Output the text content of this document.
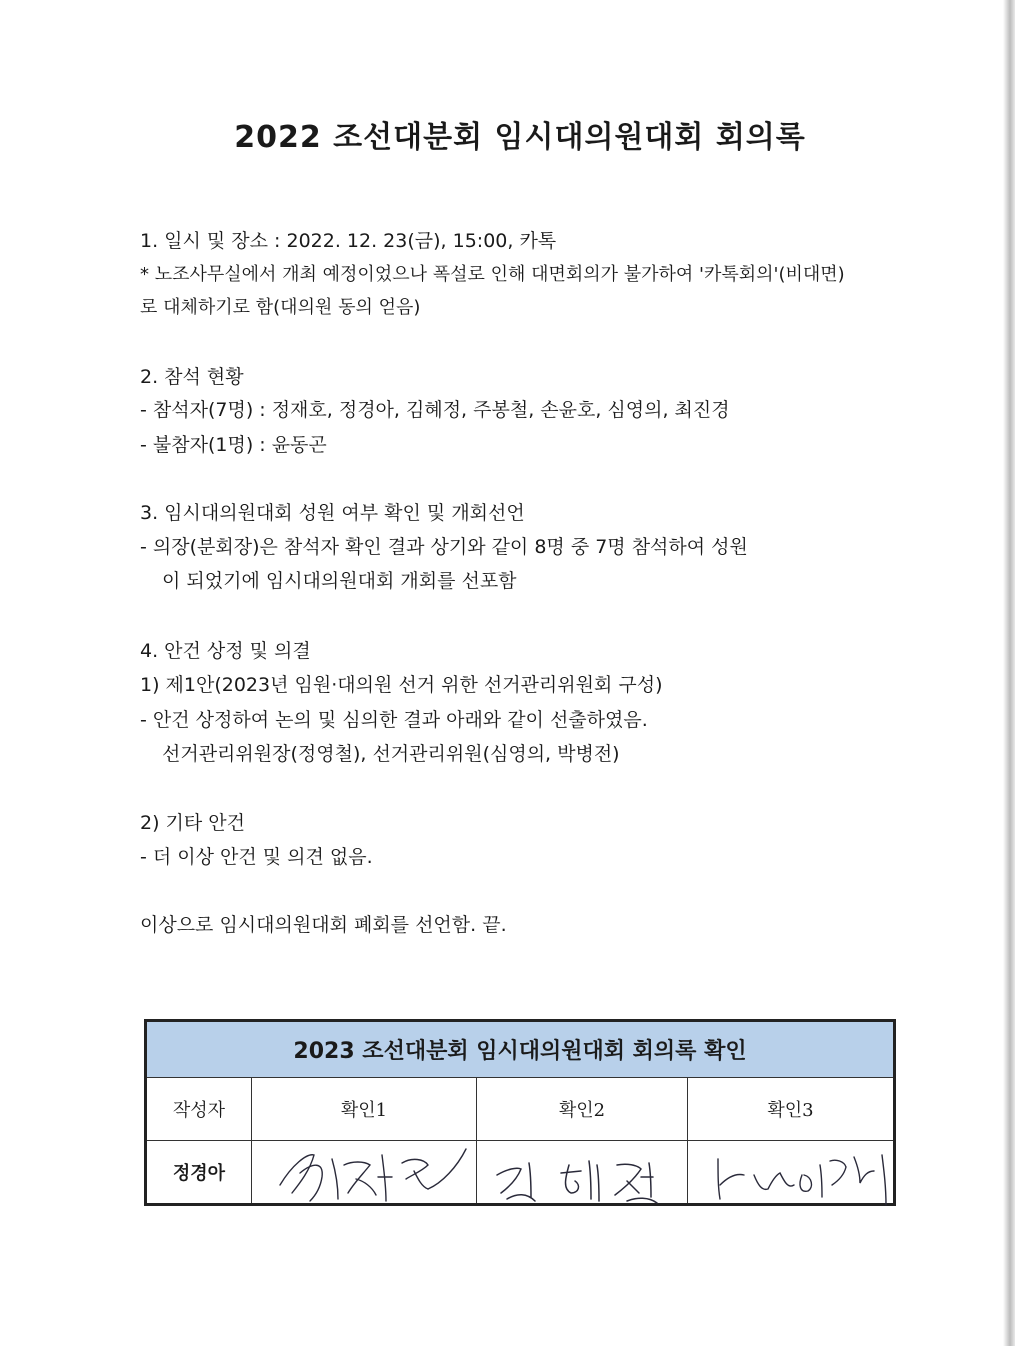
2022 조선대분회 임시대의원대회 회의록
1. 일시 및 장소 : 2022. 12. 23(금), 15:00, 카톡
* 노조사무실에서 개최 예정이었으나 폭설로 인해 대면회의가 불가하여 '카톡회의'(비대면)
로 대체하기로 함(대의원 동의 얻음)
2. 참석 현황
- 참석자(7명) : 정재호, 정경아, 김혜정, 주봉철, 손윤호, 심영의, 최진경
- 불참자(1명) : 윤동곤
3. 임시대의원대회 성원 여부 확인 및 개회선언
- 의장(분회장)은 참석자 확인 결과 상기와 같이 8명 중 7명 참석하여 성원
이 되었기에 임시대의원대회 개회를 선포함
4. 안건 상정 및 의결
1) 제1안(2023년 임원·대의원 선거 위한 선거관리위원회 구성)
- 안건 상정하여 논의 및 심의한 결과 아래와 같이 선출하였음.
선거관리위원장(정영철), 선거관리위원(심영의, 박병전)
2) 기타 안건
- 더 이상 안건 및 의견 없음.
이상으로 임시대의원대회 폐회를 선언함. 끝.
2023 조선대분회 임시대의원대회 회의록 확인			
작성자	확인1	확인2	확인3
정경아	
